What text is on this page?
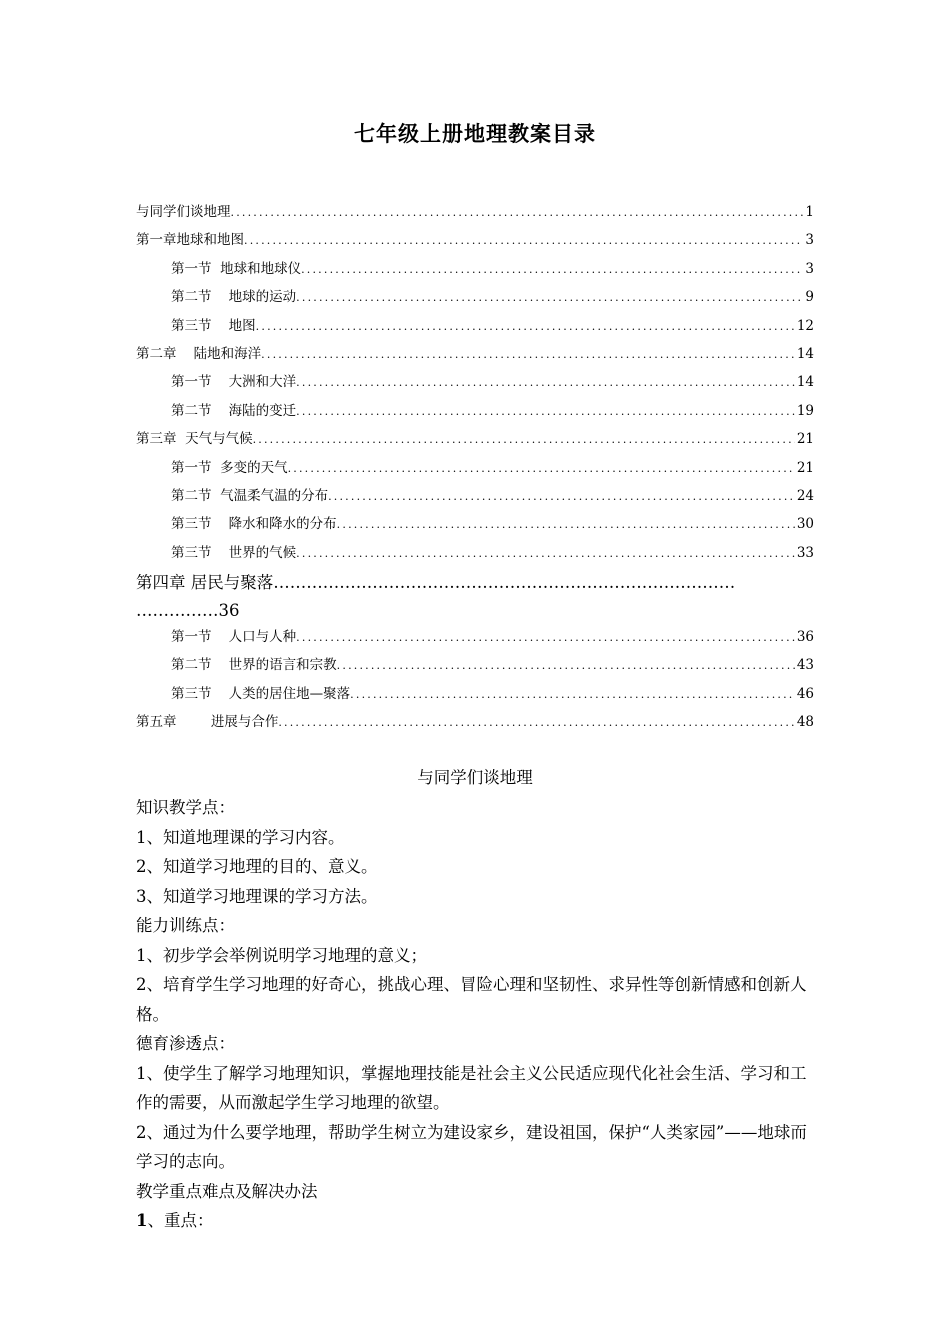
七年级上册地理教案目录
与同学们谈地理 .....	1
第一章地球和地图 .....	3
第一节  地球和地球仪 .....	3
第二节    地球的运动 .....	9
第三节    地图 .....	12
第二章    陆地和海洋 .....	14
第一节    大洲和大洋 .....	14
第二节    海陆的变迁 .....	19
第三章  天气与气候 .....	21
第一节  多变的天气 .....	21
第二节  气温柔气温的分布 .....	24
第三节    降水和降水的分布 .....	30
第三节    世界的气候 .....	33
第四章 居民与聚落…………………………………………………………………………
……………36
第一节    人口与人种 .....	36
第二节    世界的语言和宗教 .....	43
第三节    人类的居住地—聚落 .....	46
第五章        进展与合作 .....	48
与同学们谈地理

知识教学点：

1、知道地理课的学习内容。

2、知道学习地理的目的、意义。

3、知道学习地理课的学习方法。

能力训练点：

1、初步学会举例说明学习地理的意义；

2、培育学生学习地理的好奇心，挑战心理、冒险心理和坚韧性、求异性等创新情感和创新人格。

德育渗透点：

1、使学生了解学习地理知识，掌握地理技能是社会主义公民适应现代化社会生活、学习和工作的需要，从而激起学生学习地理的欲望。

2、通过为什么要学地理，帮助学生树立为建设家乡，建设祖国，保护“人类家园”——地球而学习的志向。

教学重点难点及解决办法

1、重点：
